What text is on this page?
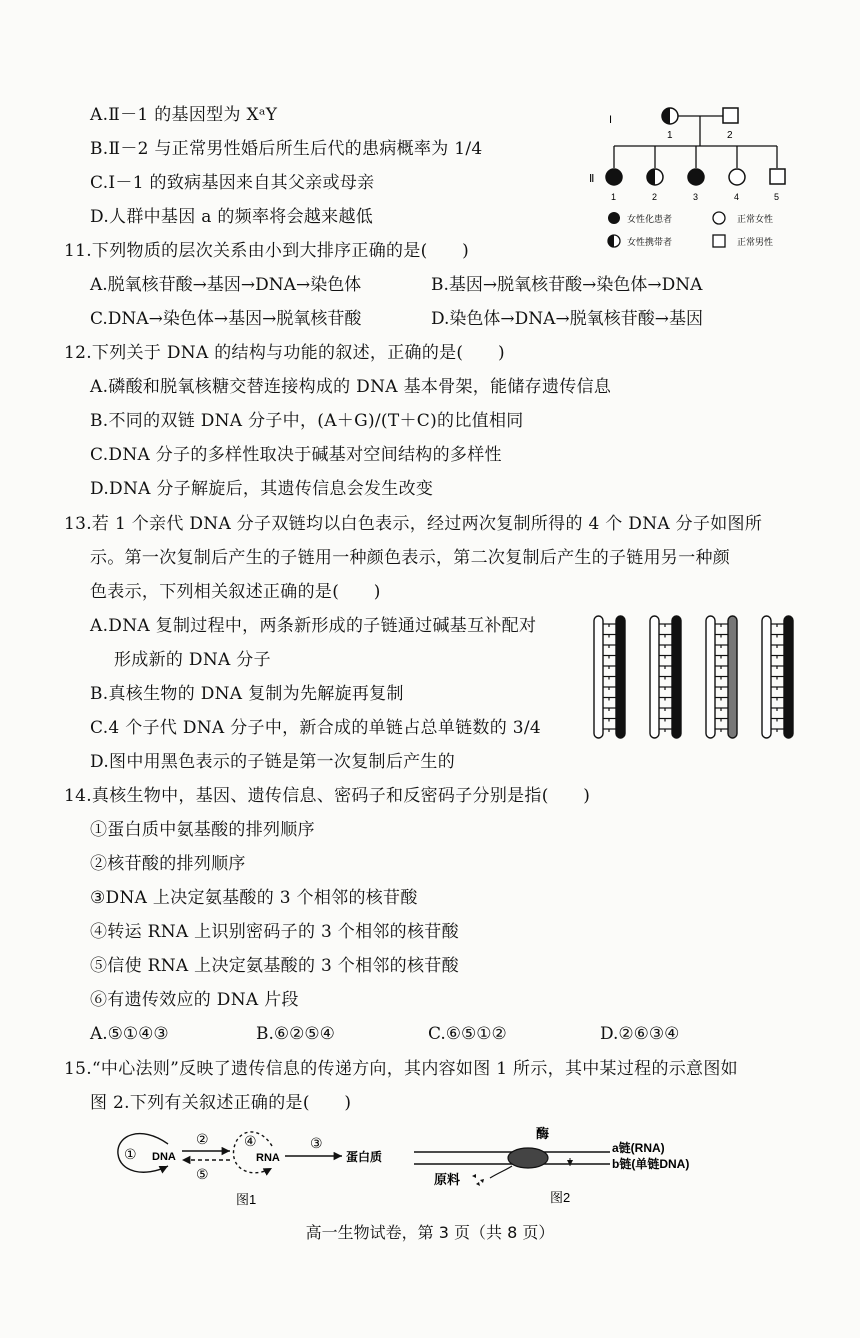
A.Ⅱ－1 的基因型为 XᵃY
B.Ⅱ－2 与正常男性婚后所生后代的患病概率为 1/4
C.I－1 的致病基因来自其父亲或母亲
D.人群中基因 a 的频率将会越来越低
I
1	2
Ⅱ
1	2	3	4	5
女性化患者	正常女性
女性携带者	正常男性
11.下列物质的层次关系由小到大排序正确的是(　　)
A.脱氧核苷酸→基因→DNA→染色体	B.基因→脱氧核苷酸→染色体→DNA
C.DNA→染色体→基因→脱氧核苷酸	D.染色体→DNA→脱氧核苷酸→基因
12.下列关于 DNA 的结构与功能的叙述，正确的是(　　)
A.磷酸和脱氧核糖交替连接构成的 DNA 基本骨架，能储存遗传信息
B.不同的双链 DNA 分子中，(A＋G)/(T＋C)的比值相同
C.DNA 分子的多样性取决于碱基对空间结构的多样性
D.DNA 分子解旋后，其遗传信息会发生改变
13.若 1 个亲代 DNA 分子双链均以白色表示，经过两次复制所得的 4 个 DNA 分子如图所
示。第一次复制后产生的子链用一种颜色表示，第二次复制后产生的子链用另一种颜
色表示，下列相关叙述正确的是(　　)
A.DNA 复制过程中，两条新形成的子链通过碱基互补配对
形成新的 DNA 分子
B.真核生物的 DNA 复制为先解旋再复制
C.4 个子代 DNA 分子中，新合成的单链占总单链数的 3/4
D.图中用黑色表示的子链是第一次复制后产生的
14.真核生物中，基因、遗传信息、密码子和反密码子分别是指(　　)
①蛋白质中氨基酸的排列顺序
②核苷酸的排列顺序
③DNA 上决定氨基酸的 3 个相邻的核苷酸
④转运 RNA 上识别密码子的 3 个相邻的核苷酸
⑤信使 RNA 上决定氨基酸的 3 个相邻的核苷酸
⑥有遗传效应的 DNA 片段
A.⑤①④③	B.⑥②⑤④	C.⑥⑤①②	D.②⑥③④
15.“中心法则”反映了遗传信息的传递方向，其内容如图 1 所示，其中某过程的示意图如
图 2.下列有关叙述正确的是(　　)
① DNA
②
⑤
④
RNA
③
蛋白质
图1
酶
a链(RNA)
b链(单链DNA)
原料
图2
高一生物试卷，第 3 页（共 8 页）
